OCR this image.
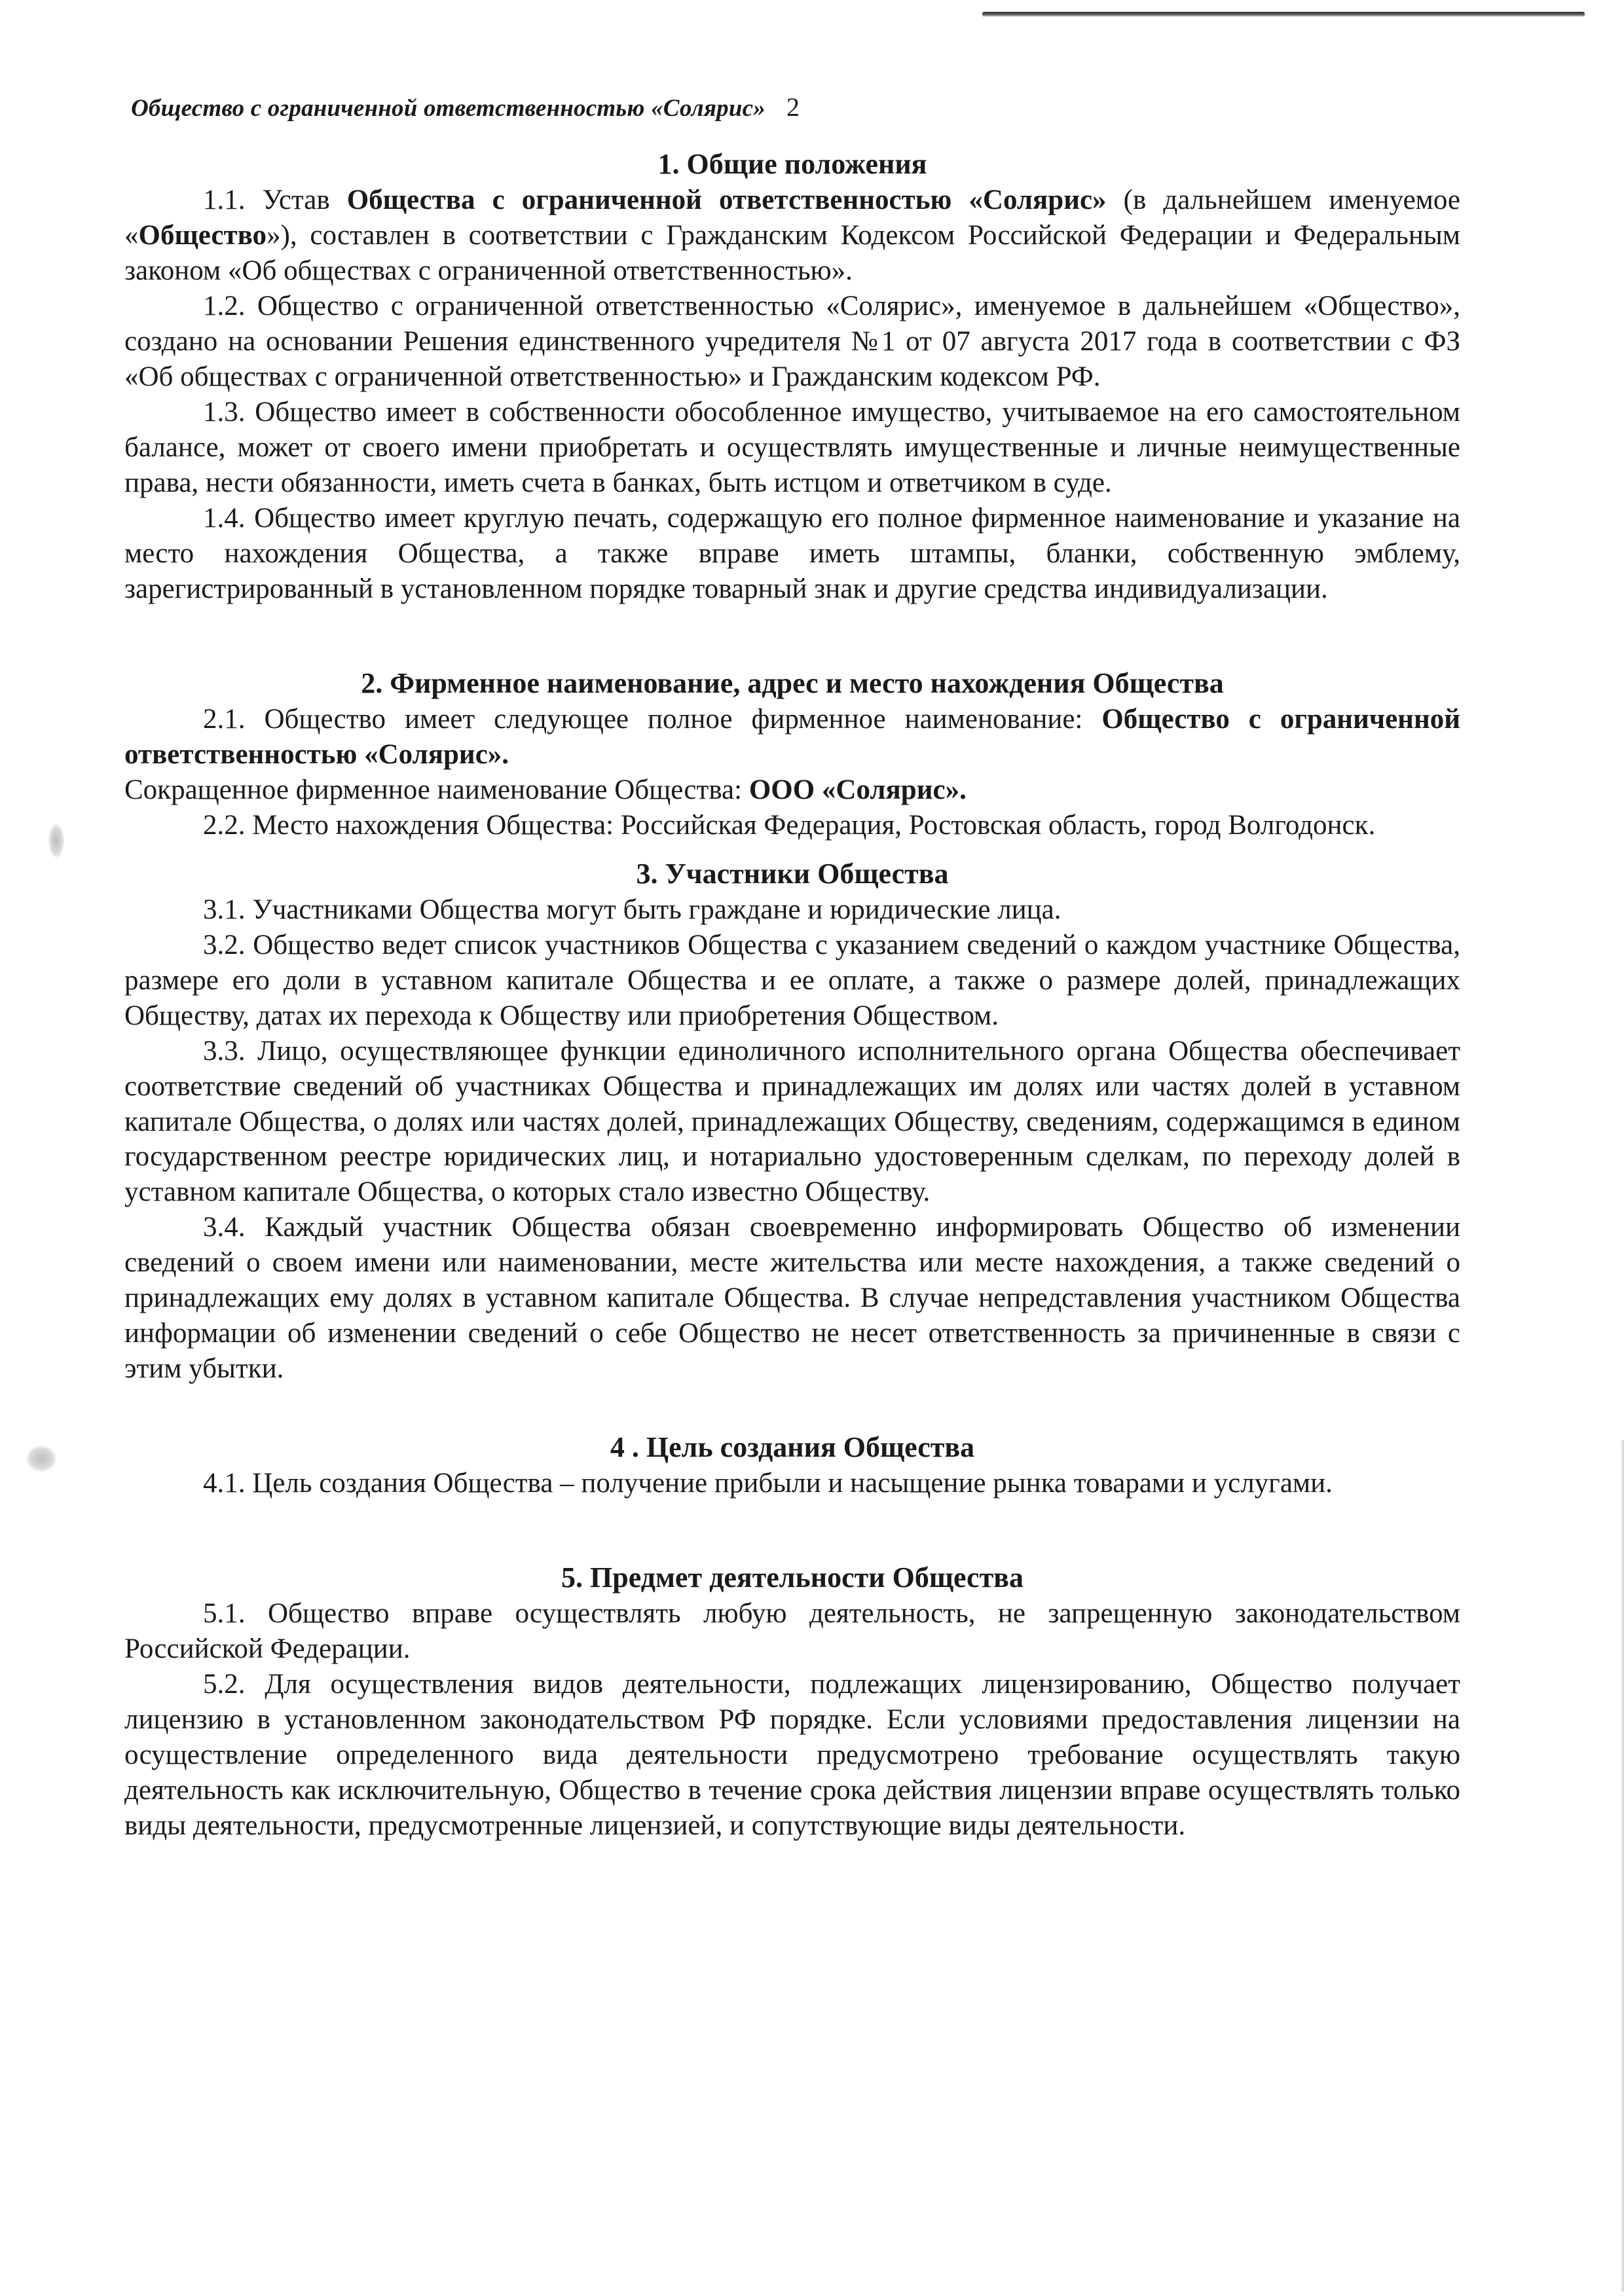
Общество с ограниченной ответственностью «Солярис» 2
1. Общие положения

1.1. Устав Общества с ограниченной ответственностью «Солярис» (в дальнейшем именуемое «Общество»), составлен в соответствии с Гражданским Кодексом Российской Федерации и Федеральным законом «Об обществах с ограниченной ответственностью».

1.2. Общество с ограниченной ответственностью «Солярис», именуемое в дальнейшем «Общество», создано на основании Решения единственного учредителя №1 от 07 августа 2017 года в соответствии с ФЗ «Об обществах с ограниченной ответственностью» и Гражданским кодексом РФ.

1.3. Общество имеет в собственности обособленное имущество, учитываемое на его самостоятельном балансе, может от своего имени приобретать и осуществлять имущественные и личные неимущественные права, нести обязанности, иметь счета в банках, быть истцом и ответчиком в суде.

1.4. Общество имеет круглую печать, содержащую его полное фирменное наименование и указание на место нахождения Общества, а также вправе иметь штампы, бланки, собственную эмблему, зарегистрированный в установленном порядке товарный знак и другие средства индивидуализации.

2. Фирменное наименование, адрес и место нахождения Общества

2.1. Общество имеет следующее полное фирменное наименование: Общество с ограниченной ответственностью «Солярис».

Сокращенное фирменное наименование Общества: ООО «Солярис».

2.2. Место нахождения Общества: Российская Федерация, Ростовская область, город Волгодонск.

3. Участники Общества

3.1. Участниками Общества могут быть граждане и юридические лица.

3.2. Общество ведет список участников Общества с указанием сведений о каждом участнике Общества, размере его доли в уставном капитале Общества и ее оплате, а также о размере долей, принадлежащих Обществу, датах их перехода к Обществу или приобретения Обществом.

3.3. Лицо, осуществляющее функции единоличного исполнительного органа Общества обеспечивает соответствие сведений об участниках Общества и принадлежащих им долях или частях долей в уставном капитале Общества, о долях или частях долей, принадлежащих Обществу, сведениям, содержащимся в едином государственном реестре юридических лиц, и нотариально удостоверенным сделкам, по переходу долей в уставном капитале Общества, о которых стало известно Обществу.

3.4. Каждый участник Общества обязан своевременно информировать Общество об изменении сведений о своем имени или наименовании, месте жительства или месте нахождения, а также сведений о принадлежащих ему долях в уставном капитале Общества. В случае непредставления участником Общества информации об изменении сведений о себе Общество не несет ответственность за причиненные в связи с этим убытки.

4 . Цель создания Общества

4.1. Цель создания Общества – получение прибыли и насыщение рынка товарами и услугами.

5. Предмет деятельности Общества

5.1. Общество вправе осуществлять любую деятельность, не запрещенную законодательством Российской Федерации.

5.2. Для осуществления видов деятельности, подлежащих лицензированию, Общество получает лицензию в установленном законодательством РФ порядке. Если условиями предоставления лицензии на осуществление определенного вида деятельности предусмотрено требование осуществлять такую деятельность как исключительную, Общество в течение срока действия лицензии вправе осуществлять только виды деятельности, предусмотренные лицензией, и сопутствующие виды деятельности.
